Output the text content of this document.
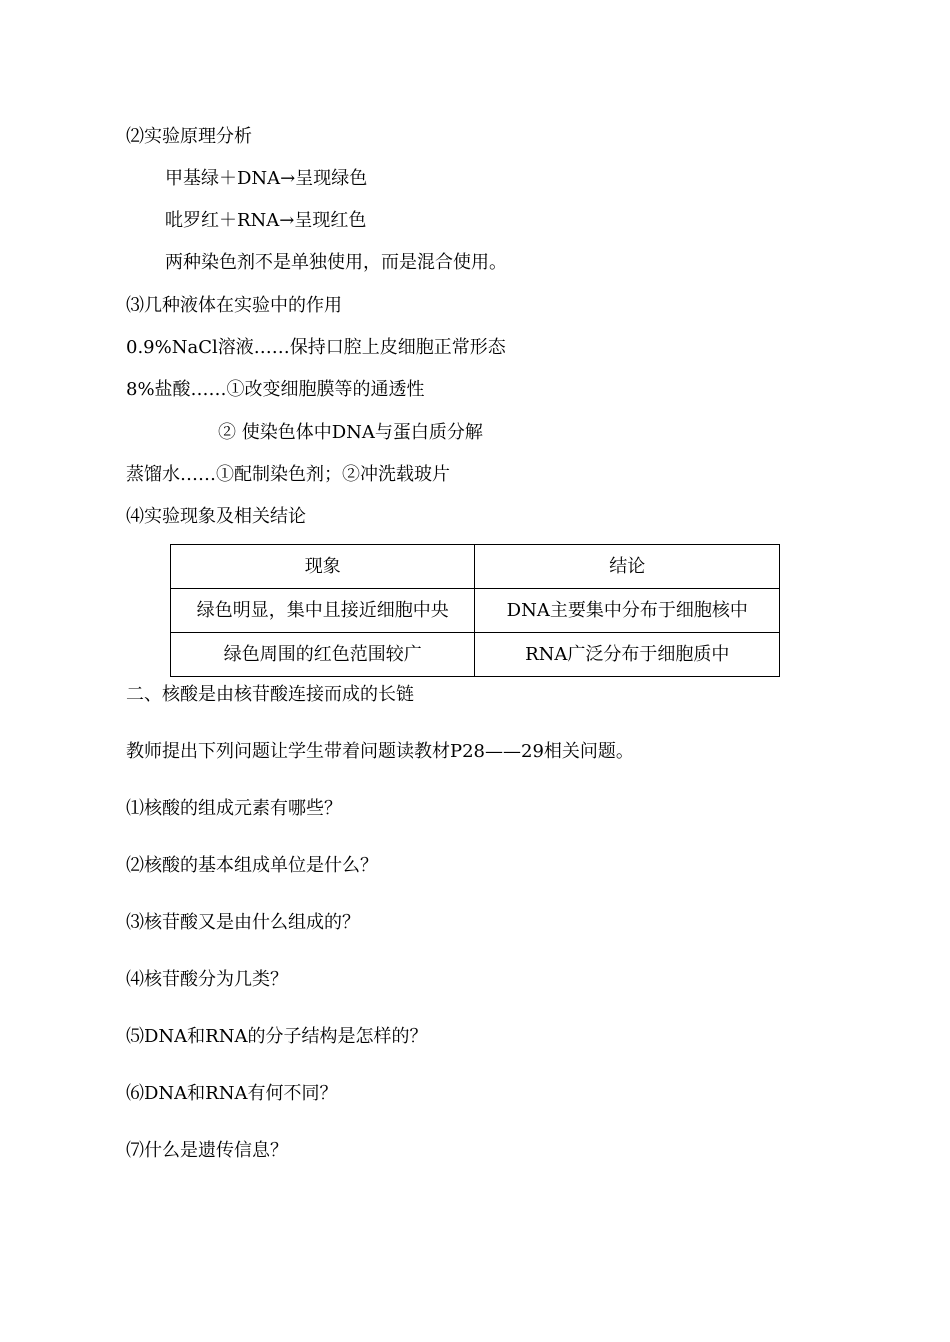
⑵实验原理分析
甲基绿＋DNA→呈现绿色
吡罗红＋RNA→呈现红色
两种染色剂不是单独使用，而是混合使用。
⑶几种液体在实验中的作用
0.9%NaCl溶液……保持口腔上皮细胞正常形态
8%盐酸……①改变细胞膜等的通透性
② 使染色体中DNA与蛋白质分解
蒸馏水……①配制染色剂；②冲洗载玻片
⑷实验现象及相关结论
现象	结论
绿色明显，集中且接近细胞中央	DNA主要集中分布于细胞核中
绿色周围的红色范围较广	RNA广泛分布于细胞质中
二、核酸是由核苷酸连接而成的长链
教师提出下列问题让学生带着问题读教材P28——29相关问题。
⑴核酸的组成元素有哪些？
⑵核酸的基本组成单位是什么？
⑶核苷酸又是由什么组成的？
⑷核苷酸分为几类？
⑸DNA和RNA的分子结构是怎样的？
⑹DNA和RNA有何不同？
⑺什么是遗传信息？
